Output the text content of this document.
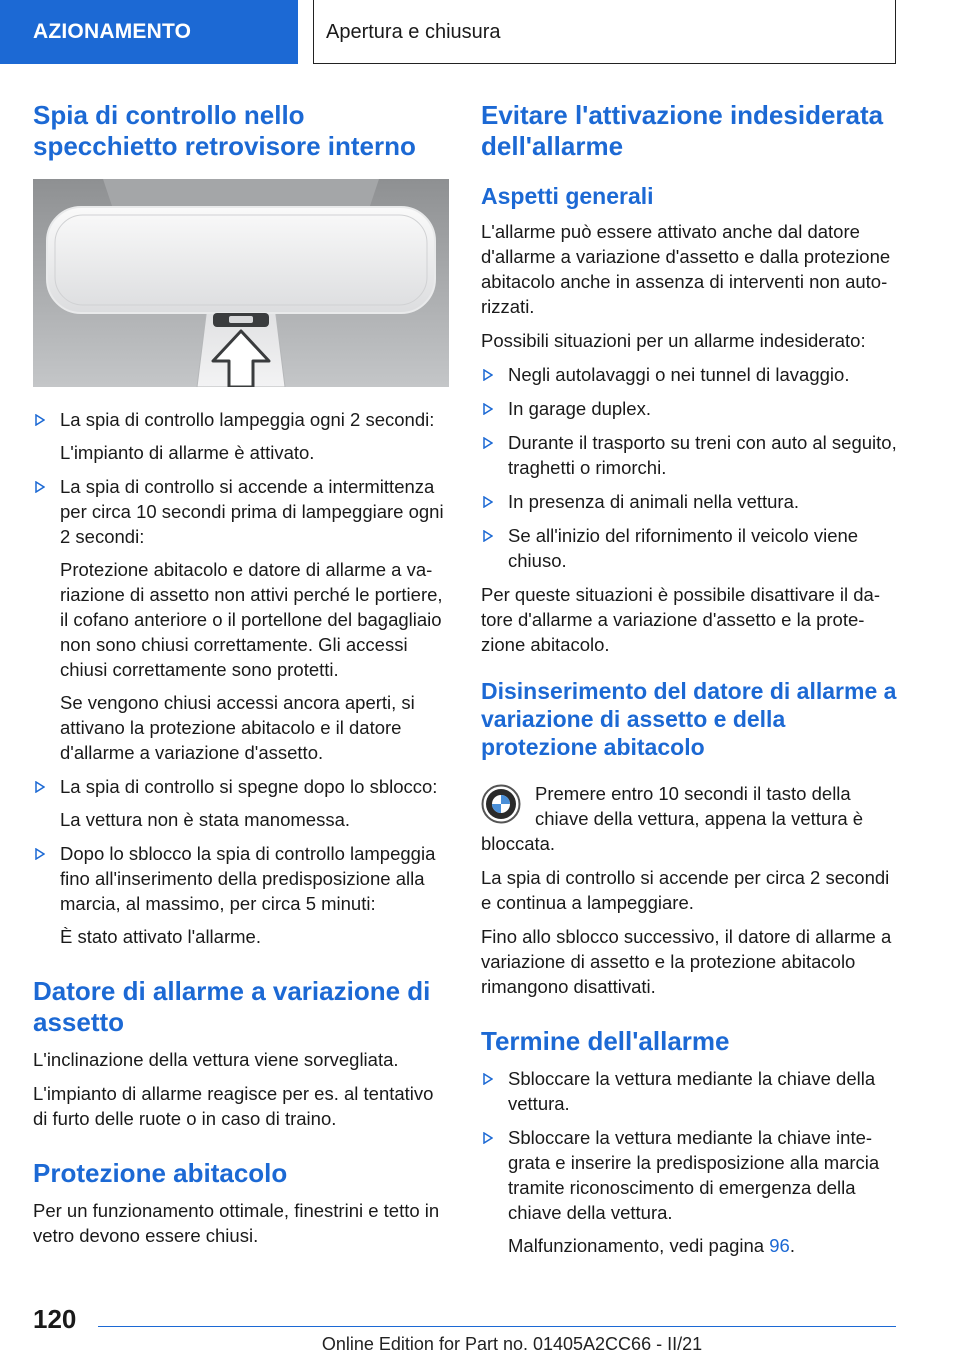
AZIONAMENTO	Apertura e chiusura
Spia di controllo nello specchietto retrovisore interno

La spia di controllo lampeggia ogni 2 secondi:

L'impianto di allarme è attivato.

La spia di controllo si accende a intermittenza per circa 10 secondi prima di lampeggiare ogni 2 secondi:

Protezione abitacolo e datore di allarme a variazione di assetto non attivi perché le portiere, il cofano anteriore o il portellone del bagagliaio non sono chiusi correttamente. Gli accessi chiusi correttamente sono protetti.

Se vengono chiusi accessi ancora aperti, si attivano la protezione abitacolo e il datore d'allarme a variazione d'assetto.

La spia di controllo si spegne dopo lo sblocco:

La vettura non è stata manomessa.

Dopo lo sblocco la spia di controllo lampeggia fino all'inserimento della predisposizione alla marcia, al massimo, per circa 5 minuti:

È stato attivato l'allarme.

Datore di allarme a variazione di assetto

L'inclinazione della vettura viene sorvegliata.

L'impianto di allarme reagisce per es. al tentativo di furto delle ruote o in caso di traino.

Protezione abitacolo

Per un funzionamento ottimale, finestrini e tetto in vetro devono essere chiusi.

Evitare l'attivazione indesiderata dell'allarme
Aspetti generali

L'allarme può essere attivato anche dal datore d'allarme a variazione d'assetto e dalla protezione abitacolo anche in assenza di interventi non autorizzati.

Possibili situazioni per un allarme indesiderato:

Negli autolavaggi o nei tunnel di lavaggio.

In garage duplex.

Durante il trasporto su treni con auto al seguito, traghetti o rimorchi.

In presenza di animali nella vettura.

Se all'inizio del rifornimento il veicolo viene chiuso.

Per queste situazioni è possibile disattivare il datore d'allarme a variazione d'assetto e la protezione abitacolo.

Disinserimento del datore di allarme a variazione di assetto e della protezione abitacolo

Premere entro 10 secondi il tasto della chiave della vettura, appena la vettura è bloccata.

La spia di controllo si accende per circa 2 secondi e continua a lampeggiare.

Fino allo sblocco successivo, il datore di allarme a variazione di assetto e la protezione abitacolo rimangono disattivati.

Termine dell'allarme

Sbloccare la vettura mediante la chiave della vettura.

Sbloccare la vettura mediante la chiave integrata e inserire la predisposizione alla marcia tramite riconoscimento di emergenza della chiave della vettura.

Malfunzionamento, vedi pagina 96.

120
Online Edition for Part no. 01405A2CC66 - II/21
